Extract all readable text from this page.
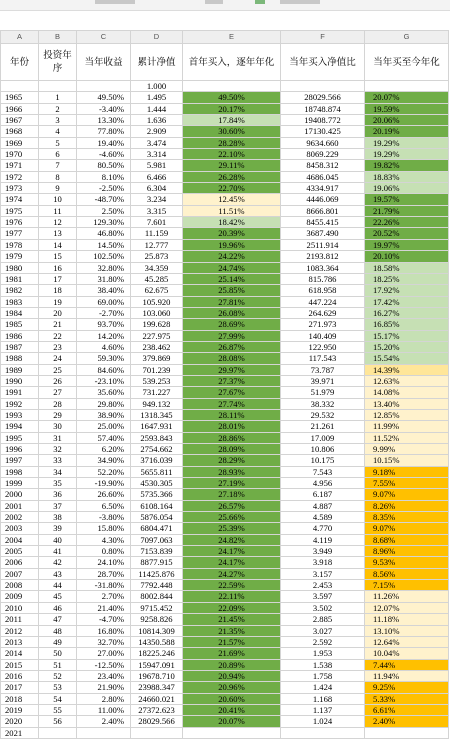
A	B	C	D	E	F	G
年份	投资年序	当年收益	累计净值	首年买入，逐年年化	当年买入净值比	当年买至今年化
			1.000			
1965	1	49.50%	1.495	49.50%	28029.566	20.07%
1966	2	-3.40%	1.444	20.17%	18748.874	19.59%
1967	3	13.30%	1.636	17.84%	19408.772	20.06%
1968	4	77.80%	2.909	30.60%	17130.425	20.19%
1969	5	19.40%	3.474	28.28%	9634.660	19.29%
1970	6	-4.60%	3.314	22.10%	8069.229	19.29%
1971	7	80.50%	5.981	29.11%	8458.312	19.82%
1972	8	8.10%	6.466	26.28%	4686.045	18.83%
1973	9	-2.50%	6.304	22.70%	4334.917	19.06%
1974	10	-48.70%	3.234	12.45%	4446.069	19.57%
1975	11	2.50%	3.315	11.51%	8666.801	21.79%
1976	12	129.30%	7.601	18.42%	8455.415	22.26%
1977	13	46.80%	11.159	20.39%	3687.490	20.52%
1978	14	14.50%	12.777	19.96%	2511.914	19.97%
1979	15	102.50%	25.873	24.22%	2193.812	20.10%
1980	16	32.80%	34.359	24.74%	1083.364	18.58%
1981	17	31.80%	45.285	25.14%	815.786	18.25%
1982	18	38.40%	62.675	25.85%	618.958	17.92%
1983	19	69.00%	105.920	27.81%	447.224	17.42%
1984	20	-2.70%	103.060	26.08%	264.629	16.27%
1985	21	93.70%	199.628	28.69%	271.973	16.85%
1986	22	14.20%	227.975	27.99%	140.409	15.17%
1987	23	4.60%	238.462	26.87%	122.950	15.20%
1988	24	59.30%	379.869	28.08%	117.543	15.54%
1989	25	84.60%	701.239	29.97%	73.787	14.39%
1990	26	-23.10%	539.253	27.37%	39.971	12.63%
1991	27	35.60%	731.227	27.67%	51.979	14.08%
1992	28	29.80%	949.132	27.74%	38.332	13.40%
1993	29	38.90%	1318.345	28.11%	29.532	12.85%
1994	30	25.00%	1647.931	28.01%	21.261	11.99%
1995	31	57.40%	2593.843	28.86%	17.009	11.52%
1996	32	6.20%	2754.662	28.09%	10.806	9.99%
1997	33	34.90%	3716.039	28.29%	10.175	10.15%
1998	34	52.20%	5655.811	28.93%	7.543	9.18%
1999	35	-19.90%	4530.305	27.19%	4.956	7.55%
2000	36	26.60%	5735.366	27.18%	6.187	9.07%
2001	37	6.50%	6108.164	26.57%	4.887	8.26%
2002	38	-3.80%	5876.054	25.66%	4.589	8.35%
2003	39	15.80%	6804.471	25.39%	4.770	9.07%
2004	40	4.30%	7097.063	24.82%	4.119	8.68%
2005	41	0.80%	7153.839	24.17%	3.949	8.96%
2006	42	24.10%	8877.915	24.17%	3.918	9.53%
2007	43	28.70%	11425.876	24.27%	3.157	8.56%
2008	44	-31.80%	7792.448	22.59%	2.453	7.15%
2009	45	2.70%	8002.844	22.11%	3.597	11.26%
2010	46	21.40%	9715.452	22.09%	3.502	12.07%
2011	47	-4.70%	9258.826	21.45%	2.885	11.18%
2012	48	16.80%	10814.309	21.35%	3.027	13.10%
2013	49	32.70%	14350.588	21.57%	2.592	12.64%
2014	50	27.00%	18225.246	21.69%	1.953	10.04%
2015	51	-12.50%	15947.091	20.89%	1.538	7.44%
2016	52	23.40%	19678.710	20.94%	1.758	11.94%
2017	53	21.90%	23988.347	20.96%	1.424	9.25%
2018	54	2.80%	24660.021	20.60%	1.168	5.33%
2019	55	11.00%	27372.623	20.41%	1.137	6.61%
2020	56	2.40%	28029.566	20.07%	1.024	2.40%
2021						
